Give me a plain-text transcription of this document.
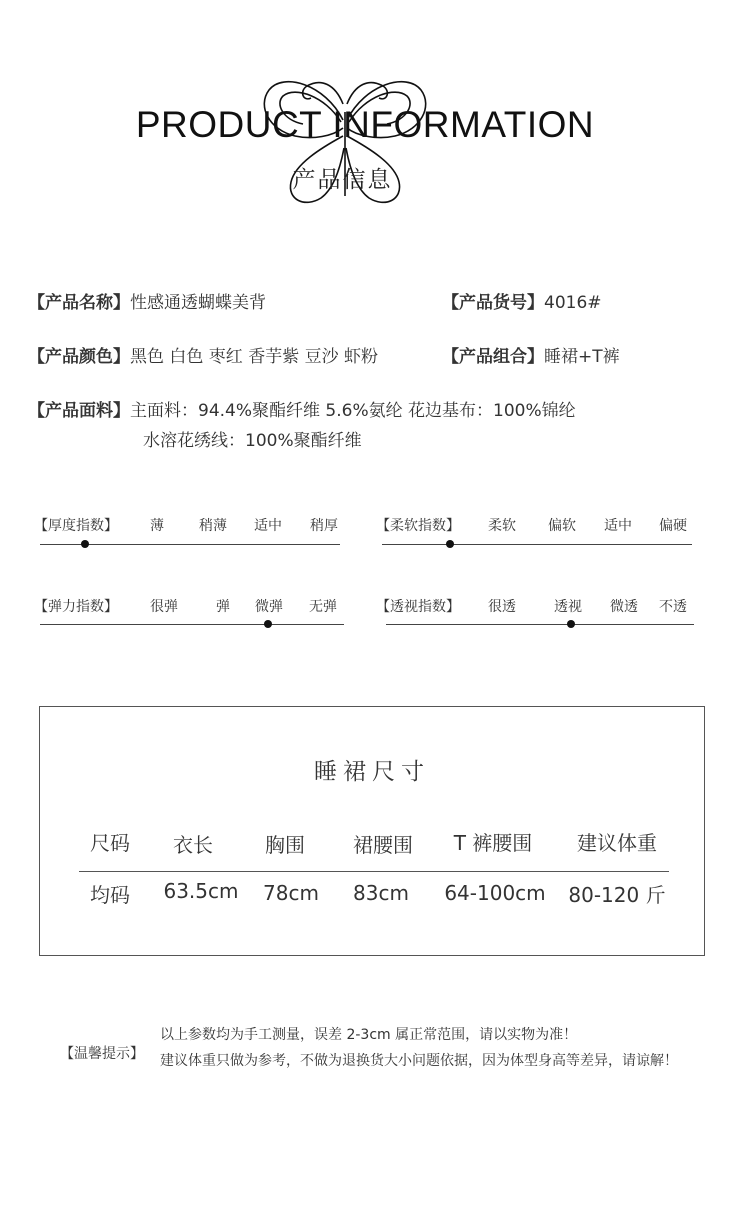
PRODUCT INFORMATION
产品信息
【产品名称】性感通透蝴蝶美背	【产品货号】4016#
【产品颜色】黑色 白色 枣红 香芋紫 豆沙 虾粉	【产品组合】睡裙+T裤
【产品面料】主面料：94.4%聚酯纤维 5.6%氨纶 花边基布：100%锦纶
水溶花绣线：100%聚酯纤维
【厚度指数】 薄	稍薄 适中 稍厚	【柔软指数】 柔软 偏软 适中 偏硬
【弹力指数】 很弹	弹 微弹 无弹	【透视指数】 很透	透视 微透 不透
睡裙尺寸
尺码	衣长	胸围	裙腰围	T 裤腰围	建议体重
均码	63.5cm	78cm	83cm	64-100cm	80-120 斤
【温馨提示】
以上参数均为手工测量，误差 2-3cm 属正常范围，请以实物为准！
建议体重只做为参考，不做为退换货大小问题依据，因为体型身高等差异，请谅解！
